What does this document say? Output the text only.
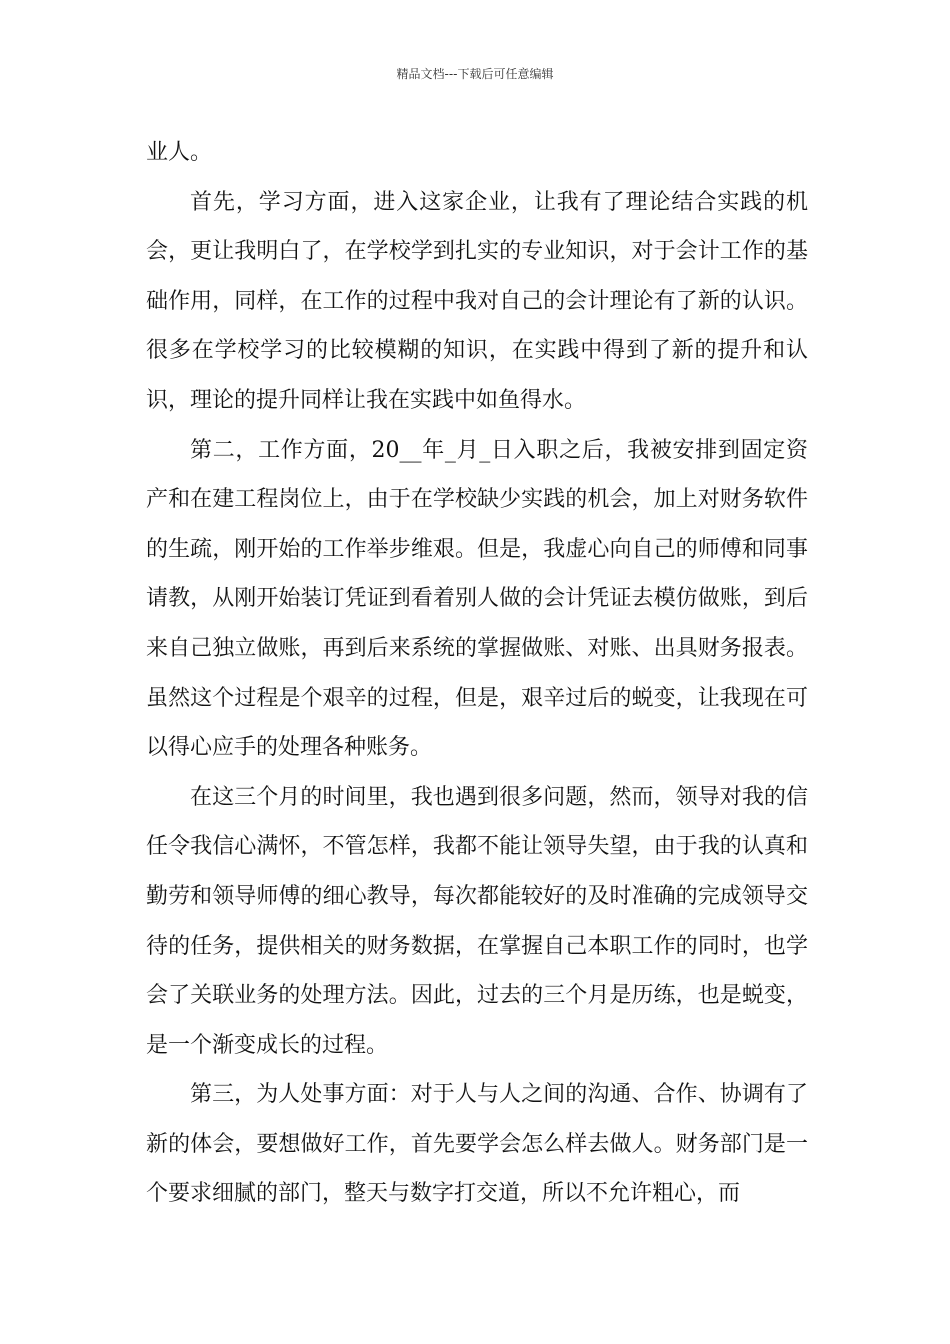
精品文档---下载后可任意编辑

业人。

首先，学习方面，进入这家企业，让我有了理论结合实践的机会，更让我明白了，在学校学到扎实的专业知识，对于会计工作的基础作用，同样，在工作的过程中我对自己的会计理论有了新的认识。很多在学校学习的比较模糊的知识，在实践中得到了新的提升和认识，理论的提升同样让我在实践中如鱼得水。

第二，工作方面，20__年_月_日入职之后，我被安排到固定资产和在建工程岗位上，由于在学校缺少实践的机会，加上对财务软件的生疏，刚开始的工作举步维艰。但是，我虚心向自己的师傅和同事请教，从刚开始装订凭证到看着别人做的会计凭证去模仿做账，到后来自己独立做账，再到后来系统的掌握做账、对账、出具财务报表。虽然这个过程是个艰辛的过程，但是，艰辛过后的蜕变，让我现在可以得心应手的处理各种账务。

在这三个月的时间里，我也遇到很多问题，然而，领导对我的信任令我信心满怀，不管怎样，我都不能让领导失望，由于我的认真和勤劳和领导师傅的细心教导，每次都能较好的及时准确的完成领导交待的任务，提供相关的财务数据，在掌握自己本职工作的同时，也学会了关联业务的处理方法。因此，过去的三个月是历练，也是蜕变，是一个渐变成长的过程。

第三，为人处事方面：对于人与人之间的沟通、合作、协调有了新的体会，要想做好工作，首先要学会怎么样去做人。财务部门是一个要求细腻的部门，整天与数字打交道，所以不允许粗心，而
